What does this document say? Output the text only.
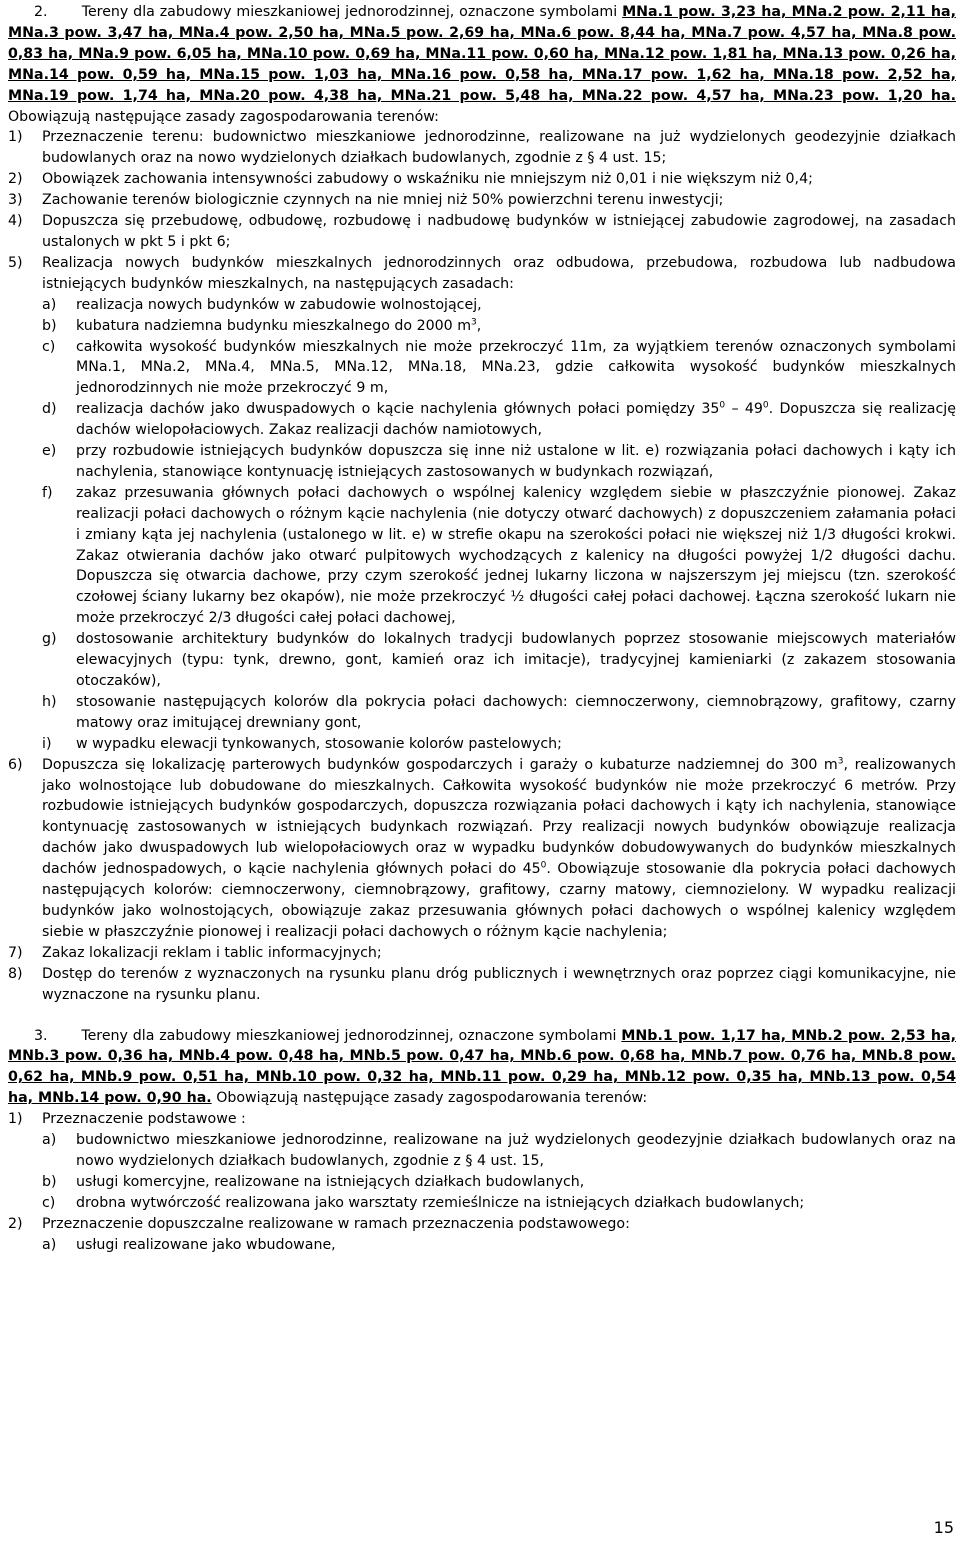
2. Tereny dla zabudowy mieszkaniowej jednorodzinnej, oznaczone symbolami MNa.1 pow. 3,23 ha, MNa.2 pow. 2,11 ha, MNa.3 pow. 3,47 ha, MNa.4 pow. 2,50 ha, MNa.5 pow. 2,69 ha, MNa.6 pow. 8,44 ha, MNa.7 pow. 4,57 ha, MNa.8 pow. 0,83 ha, MNa.9 pow. 6,05 ha, MNa.10 pow. 0,69 ha, MNa.11 pow. 0,60 ha, MNa.12 pow. 1,81 ha, MNa.13 pow. 0,26 ha, MNa.14 pow. 0,59 ha, MNa.15 pow. 1,03 ha, MNa.16 pow. 0,58 ha, MNa.17 pow. 1,62 ha, MNa.18 pow. 2,52 ha, MNa.19 pow. 1,74 ha, MNa.20 pow. 4,38 ha, MNa.21 pow. 5,48 ha, MNa.22 pow. 4,57 ha, MNa.23 pow. 1,20 ha. Obowiązują następujące zasady zagospodarowania terenów:

1)	Przeznaczenie terenu: budownictwo mieszkaniowe jednorodzinne, realizowane na już wydzielonych geodezyjnie działkach budowlanych oraz na nowo wydzielonych działkach budowlanych, zgodnie z § 4 ust. 15;
2)	Obowiązek zachowania intensywności zabudowy o wskaźniku nie mniejszym niż 0,01 i nie większym niż 0,4;
3)	Zachowanie terenów biologicznie czynnych na nie mniej niż 50% powierzchni terenu inwestycji;
4)	Dopuszcza się przebudowę, odbudowę, rozbudowę i nadbudowę budynków w istniejącej zabudowie zagrodowej, na zasadach ustalonych w pkt 5 i pkt 6;
5)	Realizacja nowych budynków mieszkalnych jednorodzinnych oraz odbudowa, przebudowa, rozbudowa lub nadbudowa istniejących budynków mieszkalnych, na następujących zasadach:
a)	realizacja nowych budynków w zabudowie wolnostojącej,
b)	kubatura nadziemna budynku mieszkalnego do 2000 $m^3$,
c)	całkowita wysokość budynków mieszkalnych nie może przekroczyć 11m, za wyjątkiem terenów oznaczonych symbolami MNa.1, MNa.2, MNa.4, MNa.5, MNa.12, MNa.18, MNa.23, gdzie całkowita wysokość budynków mieszkalnych jednorodzinnych nie może przekroczyć 9 m,
d)	realizacja dachów jako dwuspadowych o kącie nachylenia głównych połaci pomiędzy $35^0 - 49^0$. Dopuszcza się realizację dachów wielopołaciowych. Zakaz realizacji dachów namiotowych,
e)	przy rozbudowie istniejących budynków dopuszcza się inne niż ustalone w lit. e) rozwiązania połaci dachowych i kąty ich nachylenia, stanowiące kontynuację istniejących zastosowanych w budynkach rozwiązań,
f)	zakaz przesuwania głównych połaci dachowych o wspólnej kalenicy względem siebie w płaszczyźnie pionowej. Zakaz realizacji połaci dachowych o różnym kącie nachylenia (nie dotyczy otwarć dachowych) z dopuszczeniem załamania połaci i zmiany kąta jej nachylenia (ustalonego w lit. e) w strefie okapu na szerokości połaci nie większej niż 1/3 długości krokwi. Zakaz otwierania dachów jako otwarć pulpitowych wychodzących z kalenicy na długości powyżej 1/2 długości dachu. Dopuszcza się otwarcia dachowe, przy czym szerokość jednej lukarny liczona w najszerszym jej miejscu (tzn. szerokość czołowej ściany lukarny bez okapów), nie może przekroczyć ½ długości całej połaci dachowej. Łączna szerokość lukarn nie może przekroczyć 2/3 długości całej połaci dachowej,
g)	dostosowanie architektury budynków do lokalnych tradycji budowlanych poprzez stosowanie miejscowych materiałów elewacyjnych (typu: tynk, drewno, gont, kamień oraz ich imitacje), tradycyjnej kamieniarki (z zakazem stosowania otoczaków),
h)	stosowanie następujących kolorów dla pokrycia połaci dachowych: ciemnoczerwony, ciemnobrązowy, grafitowy, czarny matowy oraz imitującej drewniany gont,
i)	w wypadku elewacji tynkowanych, stosowanie kolorów pastelowych;
6)	Dopuszcza się lokalizację parterowych budynków gospodarczych i garaży o kubaturze nadziemnej do 300 $m^3$, realizowanych jako wolnostojące lub dobudowane do mieszkalnych. Całkowita wysokość budynków nie może przekroczyć 6 metrów. Przy rozbudowie istniejących budynków gospodarczych, dopuszcza rozwiązania połaci dachowych i kąty ich nachylenia, stanowiące kontynuację zastosowanych w istniejących budynkach rozwiązań. Przy realizacji nowych budynków obowiązuje realizacja dachów jako dwuspadowych lub wielopołaciowych oraz w wypadku budynków dobudowywanych do budynków mieszkalnych dachów jednospadowych, o kącie nachylenia głównych połaci do $45^0$. Obowiązuje stosowanie dla pokrycia połaci dachowych następujących kolorów: ciemnoczerwony, ciemnobrązowy, grafitowy, czarny matowy, ciemnozielony. W wypadku realizacji budynków jako wolnostojących, obowiązuje zakaz przesuwania głównych połaci dachowych o wspólnej kalenicy względem siebie w płaszczyźnie pionowej i realizacji połaci dachowych o różnym kącie nachylenia;
7)	Zakaz lokalizacji reklam i tablic informacyjnych;
8)	Dostęp do terenów z wyznaczonych na rysunku planu dróg publicznych i wewnętrznych oraz poprzez ciągi komunikacyjne, nie wyznaczone na rysunku planu.

3. Tereny dla zabudowy mieszkaniowej jednorodzinnej, oznaczone symbolami MNb.1 pow. 1,17 ha, MNb.2 pow. 2,53 ha, MNb.3 pow. 0,36 ha, MNb.4 pow. 0,48 ha, MNb.5 pow. 0,47 ha, MNb.6 pow. 0,68 ha, MNb.7 pow. 0,76 ha, MNb.8 pow. 0,62 ha, MNb.9 pow. 0,51 ha, MNb.10 pow. 0,32 ha, MNb.11 pow. 0,29 ha, MNb.12 pow. 0,35 ha, MNb.13 pow. 0,54 ha, MNb.14 pow. 0,90 ha. Obowiązują następujące zasady zagospodarowania terenów:

1)	Przeznaczenie podstawowe :
a)	budownictwo mieszkaniowe jednorodzinne, realizowane na już wydzielonych geodezyjnie działkach budowlanych oraz na nowo wydzielonych działkach budowlanych, zgodnie z § 4 ust. 15,
b)	usługi komercyjne, realizowane na istniejących działkach budowlanych,
c)	drobna wytwórczość realizowana jako warsztaty rzemieślnicze na istniejących działkach budowlanych;
2)	Przeznaczenie dopuszczalne realizowane w ramach przeznaczenia podstawowego:
a)	usługi realizowane jako wbudowane,
15
